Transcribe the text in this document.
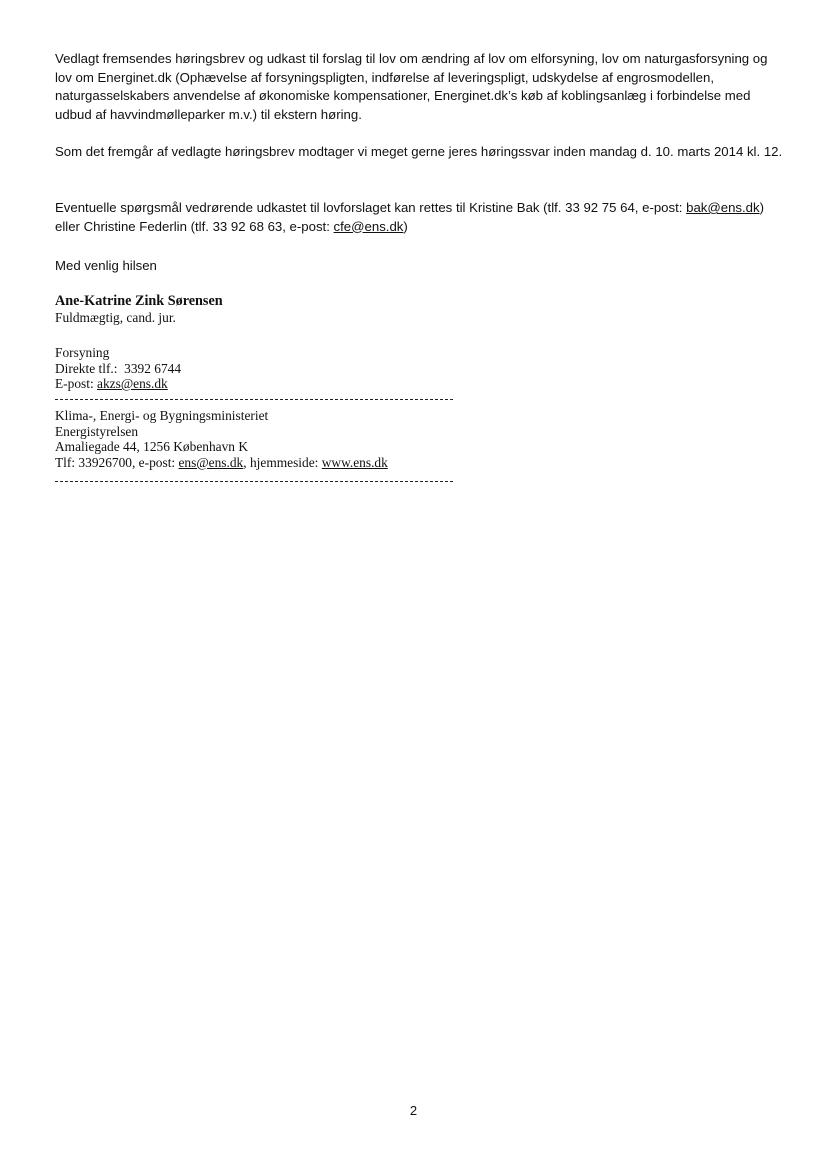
Vedlagt fremsendes høringsbrev og udkast til forslag til lov om ændring af lov om elforsyning, lov om naturgasforsyning og lov om Energinet.dk (Ophævelse af forsyningspligten, indførelse af leveringspligt, udskydelse af engrosmodellen, naturgasselskabers anvendelse af økonomiske kompensationer, Energinet.dk’s køb af koblingsanlæg i forbindelse med udbud af havvindmølleparker m.v.) til ekstern høring.
Som det fremgår af vedlagte høringsbrev modtager vi meget gerne jeres høringssvar inden mandag d. 10. marts 2014 kl. 12.
Eventuelle spørgsmål vedrørende udkastet til lovforslaget kan rettes til Kristine Bak (tlf. 33 92 75 64, e-post: bak@ens.dk) eller Christine Federlin (tlf. 33 92 68 63, e-post: cfe@ens.dk)
Med venlig hilsen
Ane-Katrine Zink Sørensen
Fuldmægtig, cand. jur.
Forsyning
Direkte tlf.:  3392 6744
E-post: akzs@ens.dk
Klima-, Energi- og Bygningsministeriet
Energistyrelsen
Amaliegade 44, 1256 København K
Tlf: 33926700, e-post: ens@ens.dk, hjemmeside: www.ens.dk
2
